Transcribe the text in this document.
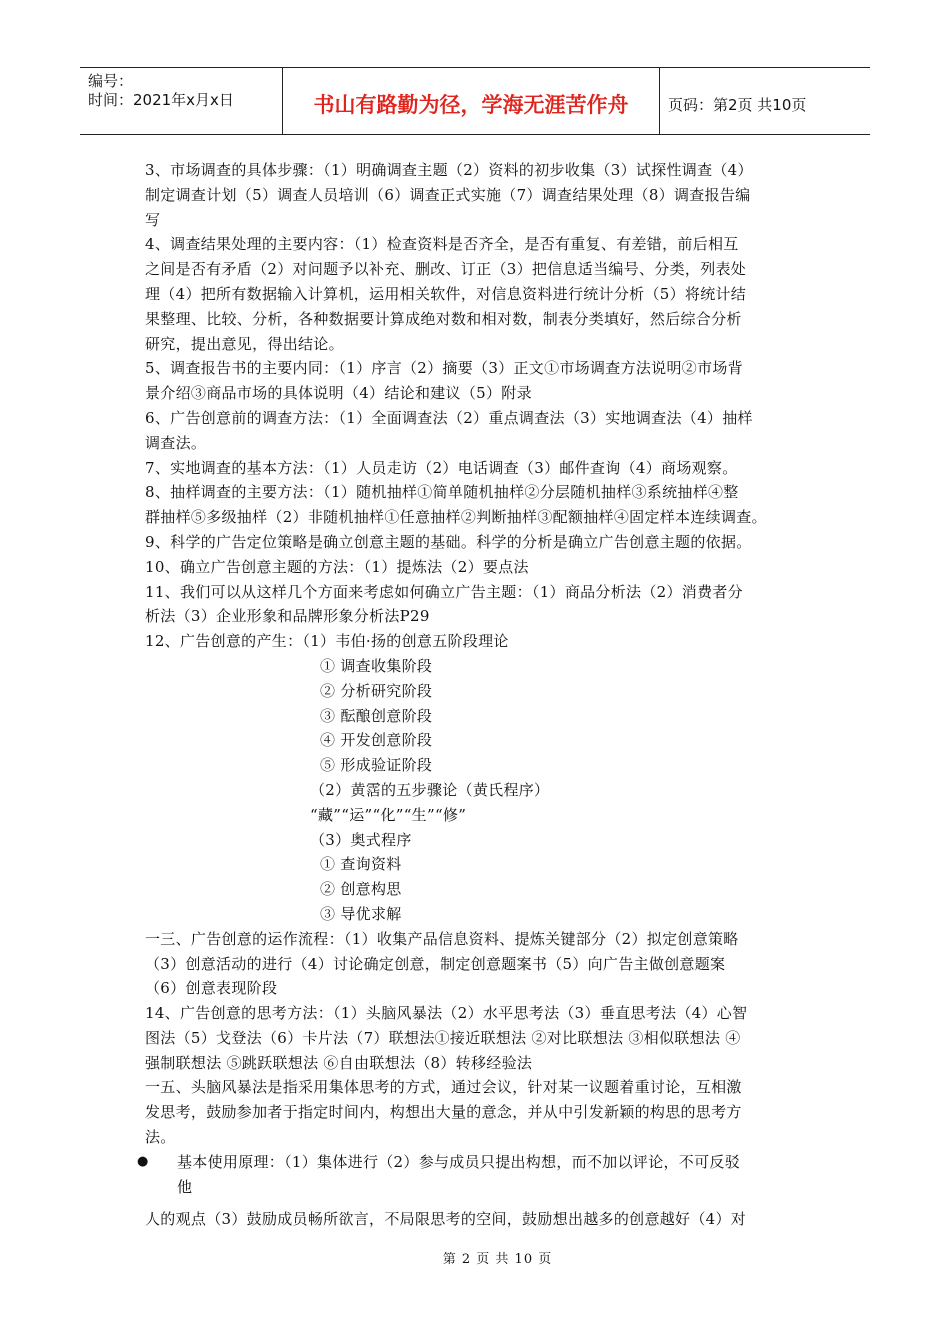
编号：
时间：2021年x月x日	书山有路勤为径，学海无涯苦作舟	页码：第2页 共10页

3、市场调查的具体步骤：（1）明确调查主题（2）资料的初步收集（3）试探性调查（4）

制定调查计划（5）调查人员培训（6）调查正式实施（7）调查结果处理（8）调查报告编

写

4、调查结果处理的主要内容：（1）检查资料是否齐全，是否有重复、有差错，前后相互

之间是否有矛盾（2）对问题予以补充、删改、订正（3）把信息适当编号、分类，列表处

理（4）把所有数据输入计算机，运用相关软件，对信息资料进行统计分析（5）将统计结

果整理、比较、分析，各种数据要计算成绝对数和相对数，制表分类填好，然后综合分析

研究，提出意见，得出结论。

5、调查报告书的主要内同：（1）序言（2）摘要（3）正文①市场调查方法说明②市场背

景介绍③商品市场的具体说明（4）结论和建议（5）附录

6、广告创意前的调查方法：（1）全面调查法（2）重点调查法（3）实地调查法（4）抽样

调查法。

7、实地调查的基本方法：（1）人员走访（2）电话调查（3）邮件查询（4）商场观察。

8、抽样调查的主要方法：（1）随机抽样①简单随机抽样②分层随机抽样③系统抽样④整

群抽样⑤多级抽样（2）非随机抽样①任意抽样②判断抽样③配额抽样④固定样本连续调查。

9、科学的广告定位策略是确立创意主题的基础。科学的分析是确立广告创意主题的依据。

10、确立广告创意主题的方法：（1）提炼法（2）要点法

11、我们可以从这样几个方面来考虑如何确立广告主题：（1）商品分析法（2）消费者分

析法（3）企业形象和品牌形象分析法P29

12、广告创意的产生：（1）韦伯·扬的创意五阶段理论

① 调查收集阶段

② 分析研究阶段

③ 酝酿创意阶段

④ 开发创意阶段

⑤ 形成验证阶段

（2）黄霑的五步骤论（黄氏程序）

“藏”“运”“化”“生”“修”

（3）奥式程序

① 查询资料

② 创意构思

③ 导优求解

一三、广告创意的运作流程：（1）收集产品信息资料、提炼关键部分（2）拟定创意策略

（3）创意活动的进行（4）讨论确定创意，制定创意题案书（5）向广告主做创意题案

（6）创意表现阶段

14、广告创意的思考方法：（1）头脑风暴法（2）水平思考法（3）垂直思考法（4）心智

图法（5）戈登法（6）卡片法（7）联想法①接近联想法 ②对比联想法 ③相似联想法 ④

强制联想法 ⑤跳跃联想法 ⑥自由联想法（8）转移经验法

一五、头脑风暴法是指采用集体思考的方式，通过会议，针对某一议题着重讨论，互相激

发思考，鼓励参加者于指定时间内，构想出大量的意念，并从中引发新颖的构思的思考方

法。

● 基本使用原理：（1）集体进行（2）参与成员只提出构想，而不加以评论，不可反驳

他

人的观点（3）鼓励成员畅所欲言，不局限思考的空间，鼓励想出越多的创意越好（4）对

第 2 页 共 10 页
